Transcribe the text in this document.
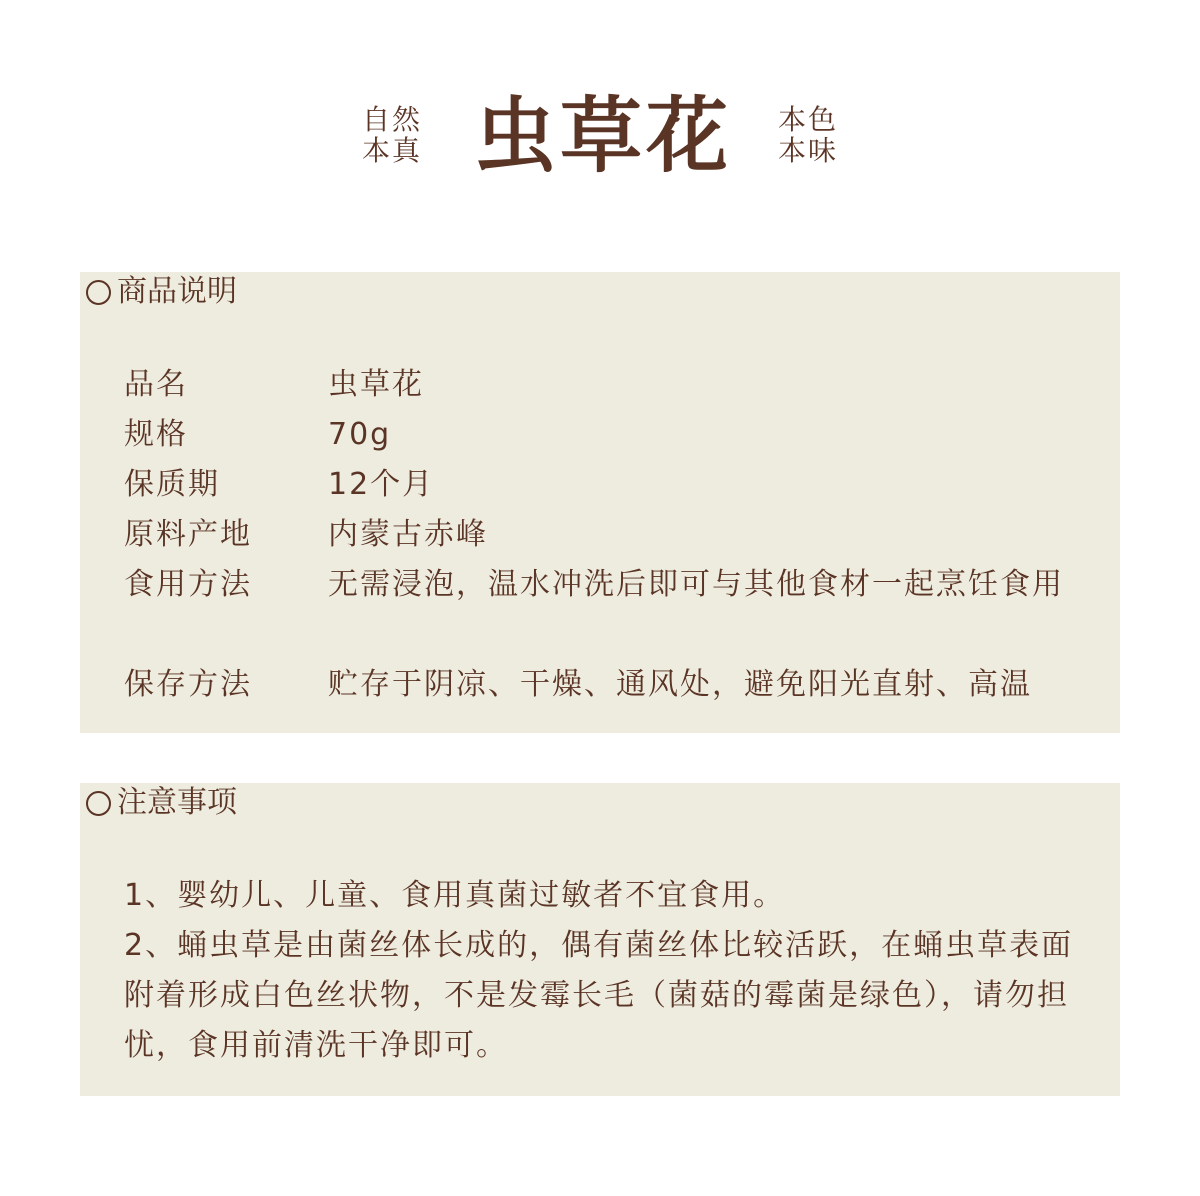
自然
本真 虫草花 本色
本味
商品说明
品名	虫草花
规格	70g
保质期	12个月
原料产地	内蒙古赤峰
食用方法	无需浸泡，温水冲洗后即可与其他食材一起烹饪食用
保存方法	贮存于阴凉、干燥、通风处，避免阳光直射、高温
注意事项

1、婴幼儿、儿童、食用真菌过敏者不宜食用。

2、蛹虫草是由菌丝体长成的，偶有菌丝体比较活跃，在蛹虫草表面附着形成白色丝状物，不是发霉长毛（菌菇的霉菌是绿色），请勿担忧，食用前清洗干净即可。
